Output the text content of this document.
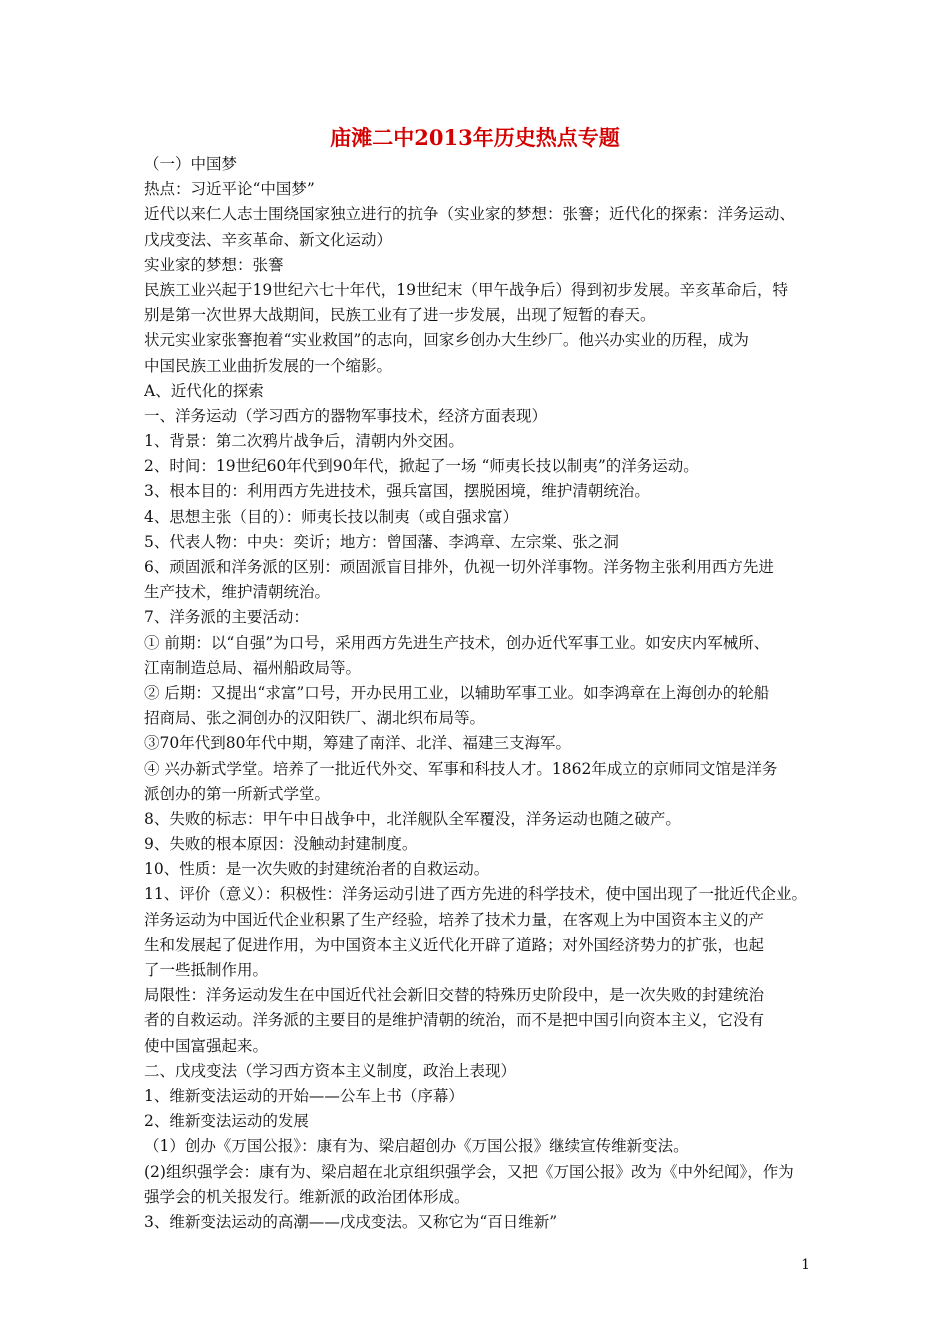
庙滩二中2013年历史热点专题
（一）中国梦
热点：习近平论“中国梦”
近代以来仁人志士围绕国家独立进行的抗争（实业家的梦想：张謇；近代化的探索：洋务运动、
戊戌变法、辛亥革命、新文化运动）
实业家的梦想：张謇
民族工业兴起于19世纪六七十年代，19世纪末（甲午战争后）得到初步发展。辛亥革命后，特
别是第一次世界大战期间，民族工业有了进一步发展，出现了短暂的春天。
状元实业家张謇抱着“实业救国”的志向，回家乡创办大生纱厂。他兴办实业的历程，成为
中国民族工业曲折发展的一个缩影。
A、近代化的探索
一、洋务运动（学习西方的器物军事技术，经济方面表现）
1、背景：第二次鸦片战争后，清朝内外交困。
2、时间：19世纪60年代到90年代，掀起了一场 “师夷长技以制夷”的洋务运动。
3、根本目的：利用西方先进技术，强兵富国，摆脱困境，维护清朝统治。
4、思想主张（目的）：师夷长技以制夷（或自强求富）
5、代表人物：中央：奕䜣；地方：曾国藩、李鸿章、左宗棠、张之洞
6、顽固派和洋务派的区别：顽固派盲目排外，仇视一切外洋事物。洋务物主张利用西方先进
生产技术，维护清朝统治。
7、洋务派的主要活动：
① 前期：以“自强”为口号，采用西方先进生产技术，创办近代军事工业。如安庆内军械所、
江南制造总局、福州船政局等。
② 后期：又提出“求富”口号，开办民用工业，以辅助军事工业。如李鸿章在上海创办的轮船
招商局、张之洞创办的汉阳铁厂、湖北织布局等。
③70年代到80年代中期，筹建了南洋、北洋、福建三支海军。
④ 兴办新式学堂。培养了一批近代外交、军事和科技人才。1862年成立的京师同文馆是洋务
派创办的第一所新式学堂。
8、失败的标志：甲午中日战争中，北洋舰队全军覆没，洋务运动也随之破产。
9、失败的根本原因：没触动封建制度。
10、性质：是一次失败的封建统治者的自救运动。
11、评价（意义）：积极性：洋务运动引进了西方先进的科学技术，使中国出现了一批近代企业。
洋务运动为中国近代企业积累了生产经验，培养了技术力量，在客观上为中国资本主义的产
生和发展起了促进作用，为中国资本主义近代化开辟了道路；对外国经济势力的扩张，也起
了一些抵制作用。
局限性：洋务运动发生在中国近代社会新旧交替的特殊历史阶段中，是一次失败的封建统治
者的自救运动。洋务派的主要目的是维护清朝的统治，而不是把中国引向资本主义，它没有
使中国富强起来。
二、戊戌变法（学习西方资本主义制度，政治上表现）
1、维新变法运动的开始——公车上书（序幕）
2、维新变法运动的发展
（1）创办《万国公报》：康有为、梁启超创办《万国公报》继续宣传维新变法。
(2)组织强学会：康有为、梁启超在北京组织强学会，又把《万国公报》改为《中外纪闻》，作为
强学会的机关报发行。维新派的政治团体形成。
3、维新变法运动的高潮——戊戌变法。又称它为“百日维新”
1
